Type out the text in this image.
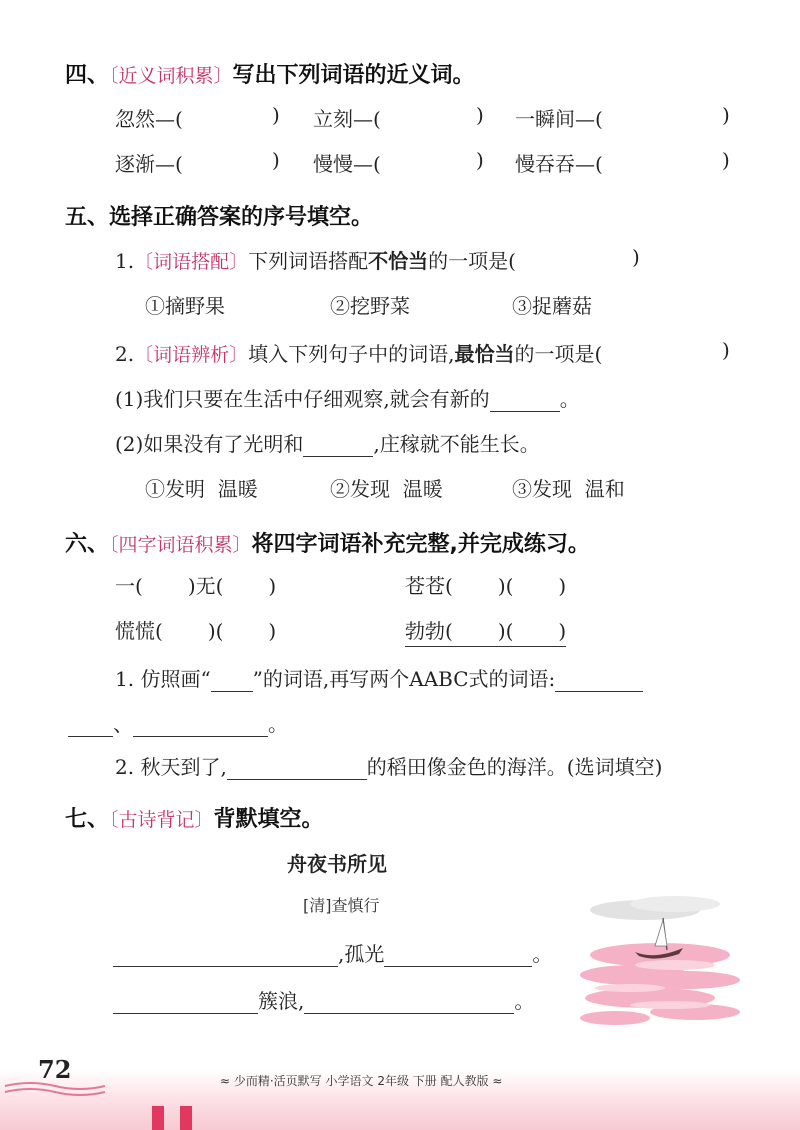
四、〔近义词积累〕写出下列词语的近义词。
忽然—(	) 立刻—(	) 一瞬间—(	)
逐渐—(	) 慢慢—(	) 慢吞吞—(	)
五、选择正确答案的序号填空。
1.〔词语搭配〕下列词语搭配不恰当的一项是(	)
①摘野果	②挖野菜	③捉蘑菇
2.〔词语辨析〕填入下列句子中的词语,最恰当的一项是(	)
(1)我们只要在生活中仔细观察,就会有新的	。
(2)如果没有了光明和	,庄稼就不能生长。
①发明  温暖	②发现  温暖	③发现  温和
六、〔四字词语积累〕将四字词语补充完整,并完成练习。
一( )无( )	苍苍( )( )
慌慌( )( )	勃勃( )( )
1. 仿照画“ ”的词语,再写两个AABC式的词语:
、	。
2. 秋天到了,	的稻田像金色的海洋。(选词填空)
七、〔古诗背记〕背默填空。
舟夜书所见
[清]查慎行
,孤光	。
簇浪,	。
72	≈ 少而精·活页默写 小学语文 2年级 下册 配人教版 ≈
